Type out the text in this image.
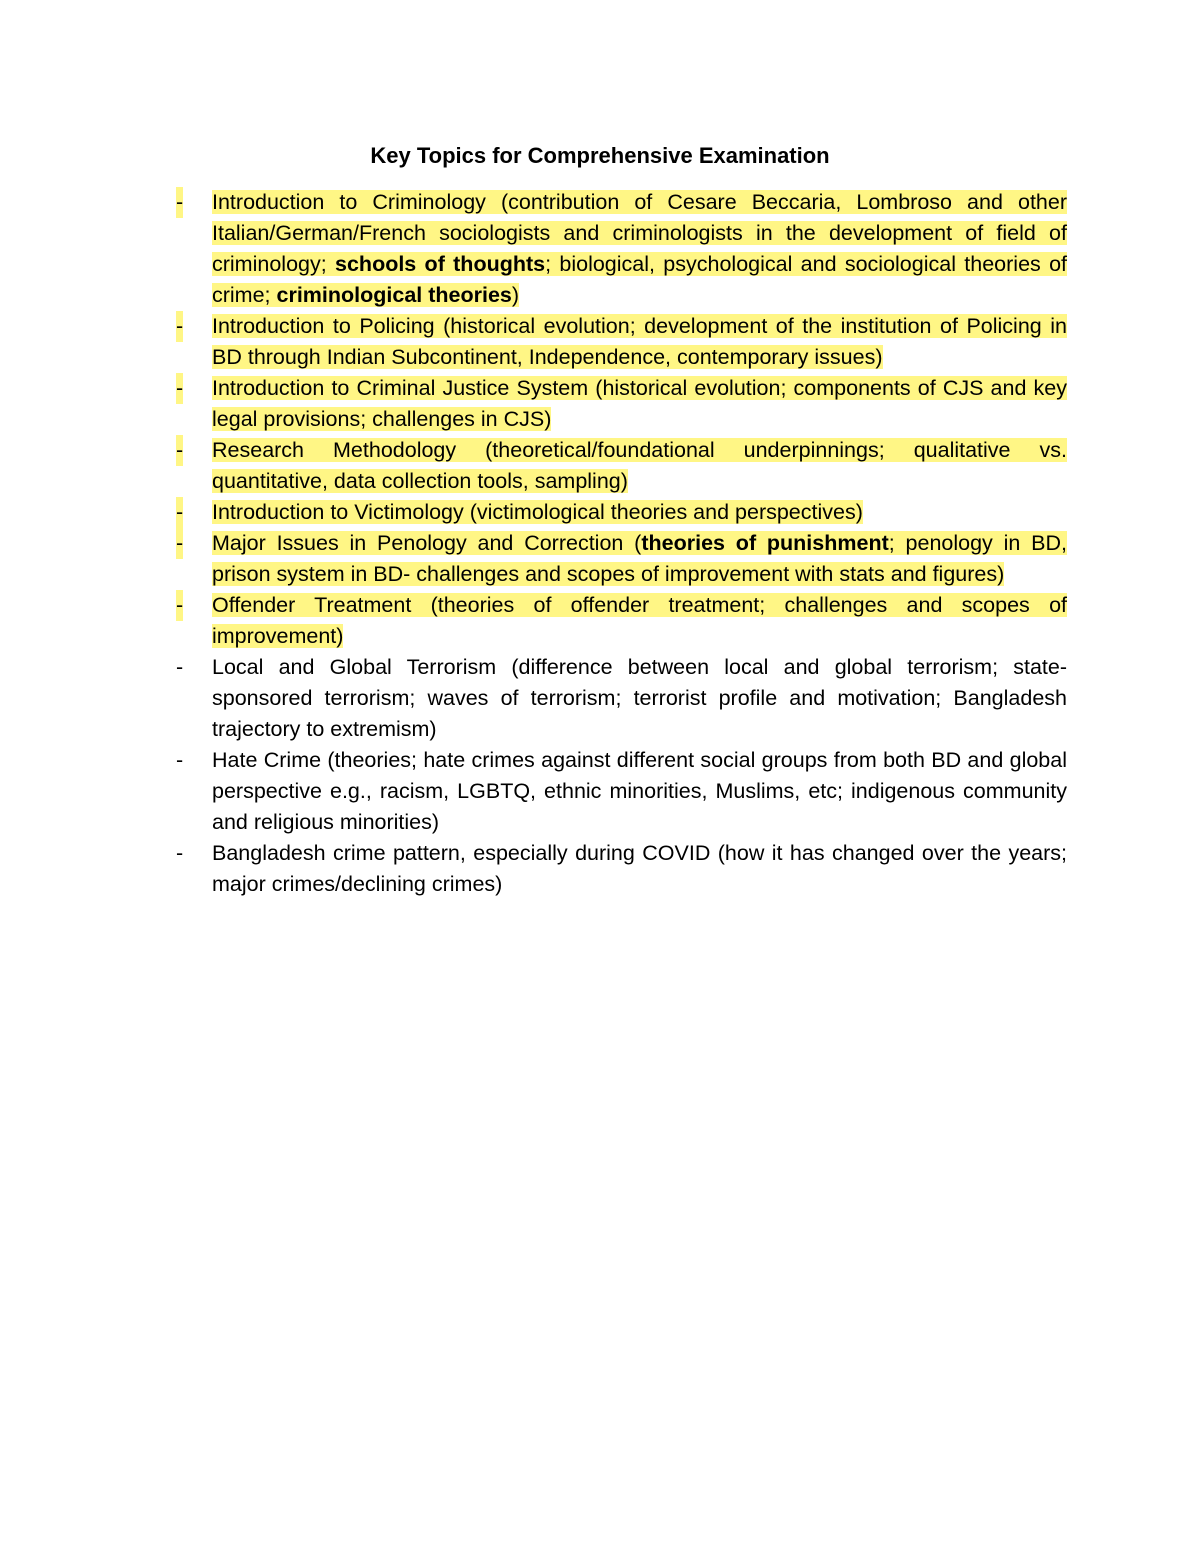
Key Topics for Comprehensive Examination
- Introduction to Criminology (contribution of Cesare Beccaria, Lombroso and other Italian/German/French sociologists and criminologists in the development of field of criminology; schools of thoughts; biological, psychological and sociological theories of crime; criminological theories)
- Introduction to Policing (historical evolution; development of the institution of Policing in BD through Indian Subcontinent, Independence, contemporary issues)
- Introduction to Criminal Justice System (historical evolution; components of CJS and key legal provisions; challenges in CJS)
- Research Methodology (theoretical/foundational underpinnings; qualitative vs. quantitative, data collection tools, sampling)
- Introduction to Victimology (victimological theories and perspectives)
- Major Issues in Penology and Correction (theories of punishment; penology in BD, prison system in BD- challenges and scopes of improvement with stats and figures)
- Offender Treatment (theories of offender treatment; challenges and scopes of improvement)
- Local and Global Terrorism (difference between local and global terrorism; state-sponsored terrorism; waves of terrorism; terrorist profile and motivation; Bangladesh trajectory to extremism)
- Hate Crime (theories; hate crimes against different social groups from both BD and global perspective e.g., racism, LGBTQ, ethnic minorities, Muslims, etc; indigenous community and religious minorities)
- Bangladesh crime pattern, especially during COVID (how it has changed over the years; major crimes/declining crimes)
